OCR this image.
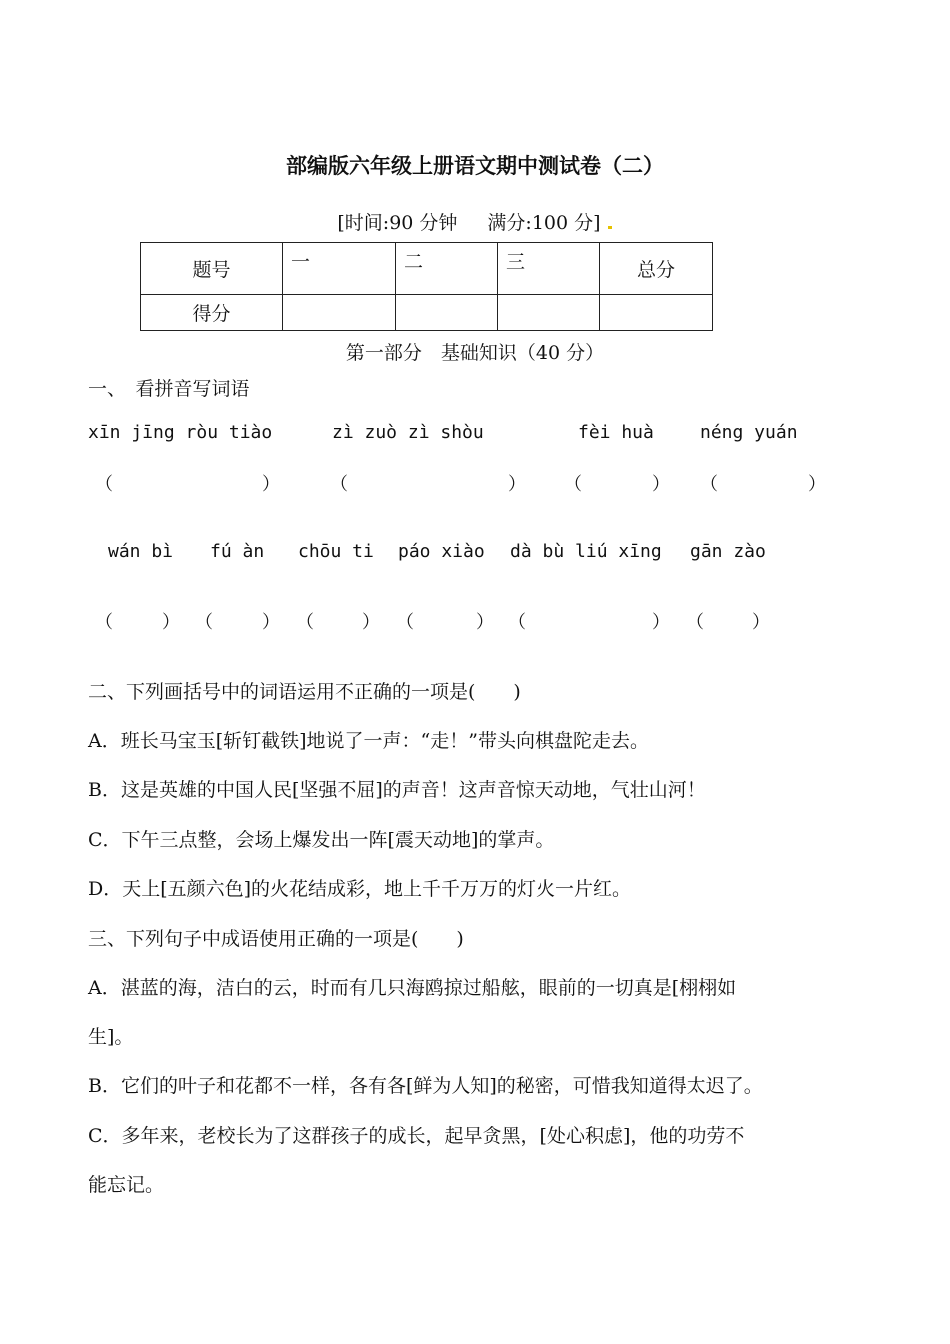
部编版六年级上册语文期中测试卷（二）
[时间:90 分钟 满分:100 分]
题号	一	二	三	总分
得分				
第一部分　基础知识（40 分）
一、　看拼音写词语
xīn jīng ròu tiào	zì zuò zì shòu	fèi huà	néng yuán
（	）	（	） （	） （	）
wán bì fú àn chōu ti páo xiào dà bù liú xīng gān zào
（	） （	） （	） （	） （	） （	）
二、下列画括号中的词语运用不正确的一项是(　　)
A．班长马宝玉[斩钉截铁]地说了一声：“走！”带头向棋盘陀走去。
B．这是英雄的中国人民[坚强不屈]的声音！这声音惊天动地，气壮山河！
C．下午三点整，会场上爆发出一阵[震天动地]的掌声。
D．天上[五颜六色]的火花结成彩，地上千千万万的灯火一片红。
三、下列句子中成语使用正确的一项是(　　)
A．湛蓝的海，洁白的云，时而有几只海鸥掠过船舷，眼前的一切真是[栩栩如
生]。
B．它们的叶子和花都不一样，各有各[鲜为人知]的秘密，可惜我知道得太迟了。
C．多年来，老校长为了这群孩子的成长，起早贪黑，[处心积虑]，他的功劳不
能忘记。
